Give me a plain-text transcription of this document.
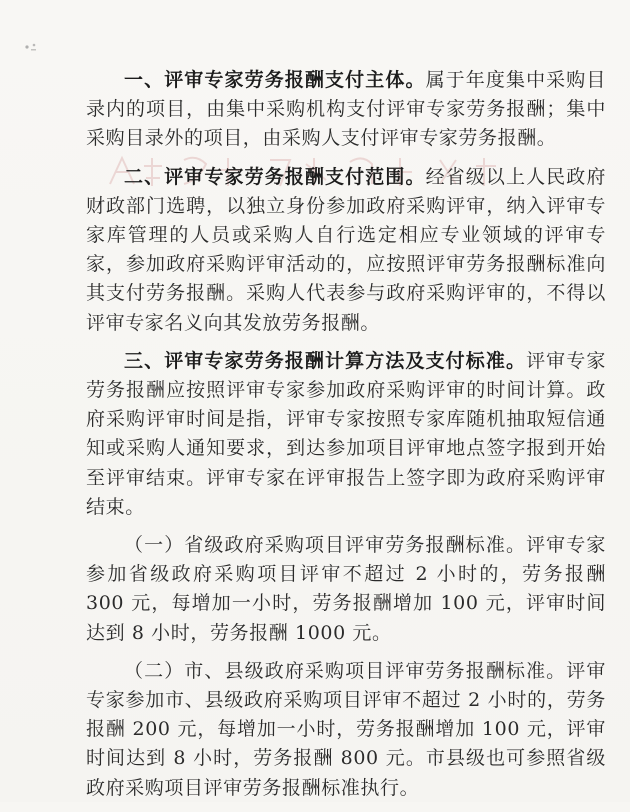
一、评审专家劳务报酬支付主体。属于年度集中采购目录内的项目，由集中采购机构支付评审专家劳务报酬；集中采购目录外的项目，由采购人支付评审专家劳务报酬。

二、评审专家劳务报酬支付范围。经省级以上人民政府财政部门选聘，以独立身份参加政府采购评审，纳入评审专家库管理的人员或采购人自行选定相应专业领域的评审专家，参加政府采购评审活动的，应按照评审劳务报酬标准向其支付劳务报酬。采购人代表参与政府采购评审的，不得以评审专家名义向其发放劳务报酬。

三、评审专家劳务报酬计算方法及支付标准。评审专家劳务报酬应按照评审专家参加政府采购评审的时间计算。政府采购评审时间是指，评审专家按照专家库随机抽取短信通知或采购人通知要求，到达参加项目评审地点签字报到开始至评审结束。评审专家在评审报告上签字即为政府采购评审结束。

（一）省级政府采购项目评审劳务报酬标准。评审专家参加省级政府采购项目评审不超过 2 小时的，劳务报酬 300 元，每增加一小时，劳务报酬增加 100 元，评审时间达到 8 小时，劳务报酬 1000 元。

（二）市、县级政府采购项目评审劳务报酬标准。评审专家参加市、县级政府采购项目评审不超过 2 小时的，劳务报酬 200 元，每增加一小时，劳务报酬增加 100 元，评审时间达到 8 小时，劳务报酬 800 元。市县级也可参照省级政府采购项目评审劳务报酬标准执行。
